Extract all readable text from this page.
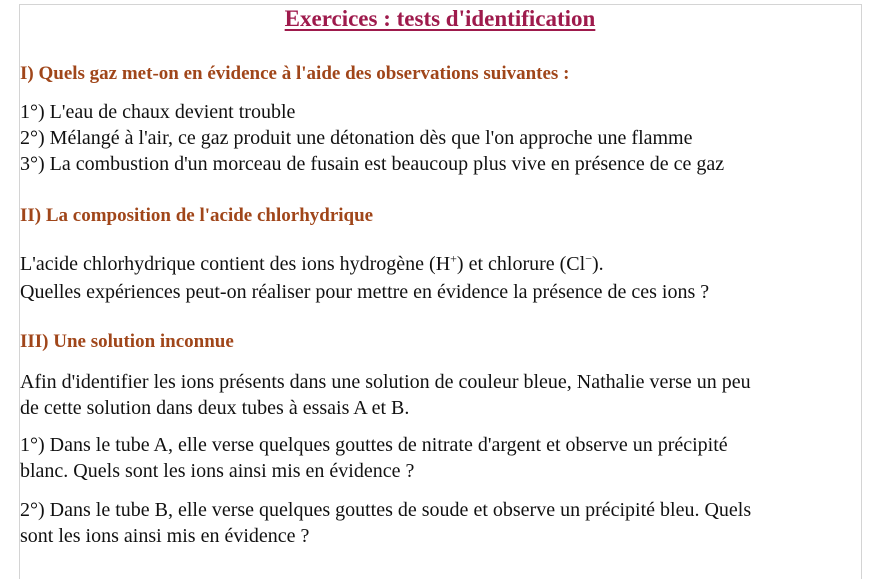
Exercices : tests d'identification
I) Quels gaz met-on en évidence à l'aide des observations suivantes :
1°) L'eau de chaux devient trouble
2°) Mélangé à l'air, ce gaz produit une détonation dès que l'on approche une flamme
3°) La combustion d'un morceau de fusain est beaucoup plus vive en présence de ce gaz
II) La composition de l'acide chlorhydrique
L'acide chlorhydrique contient des ions hydrogène (H+) et chlorure (Cl−).
Quelles expériences peut-on réaliser pour mettre en évidence la présence de ces ions ?
III) Une solution inconnue
Afin d'identifier les ions présents dans une solution de couleur bleue, Nathalie verse un peu
de cette solution dans deux tubes à essais A et B.
1°) Dans le tube A, elle verse quelques gouttes de nitrate d'argent et observe un précipité
blanc. Quels sont les ions ainsi mis en évidence ?
2°) Dans le tube B, elle verse quelques gouttes de soude et observe un précipité bleu. Quels
sont les ions ainsi mis en évidence ?
